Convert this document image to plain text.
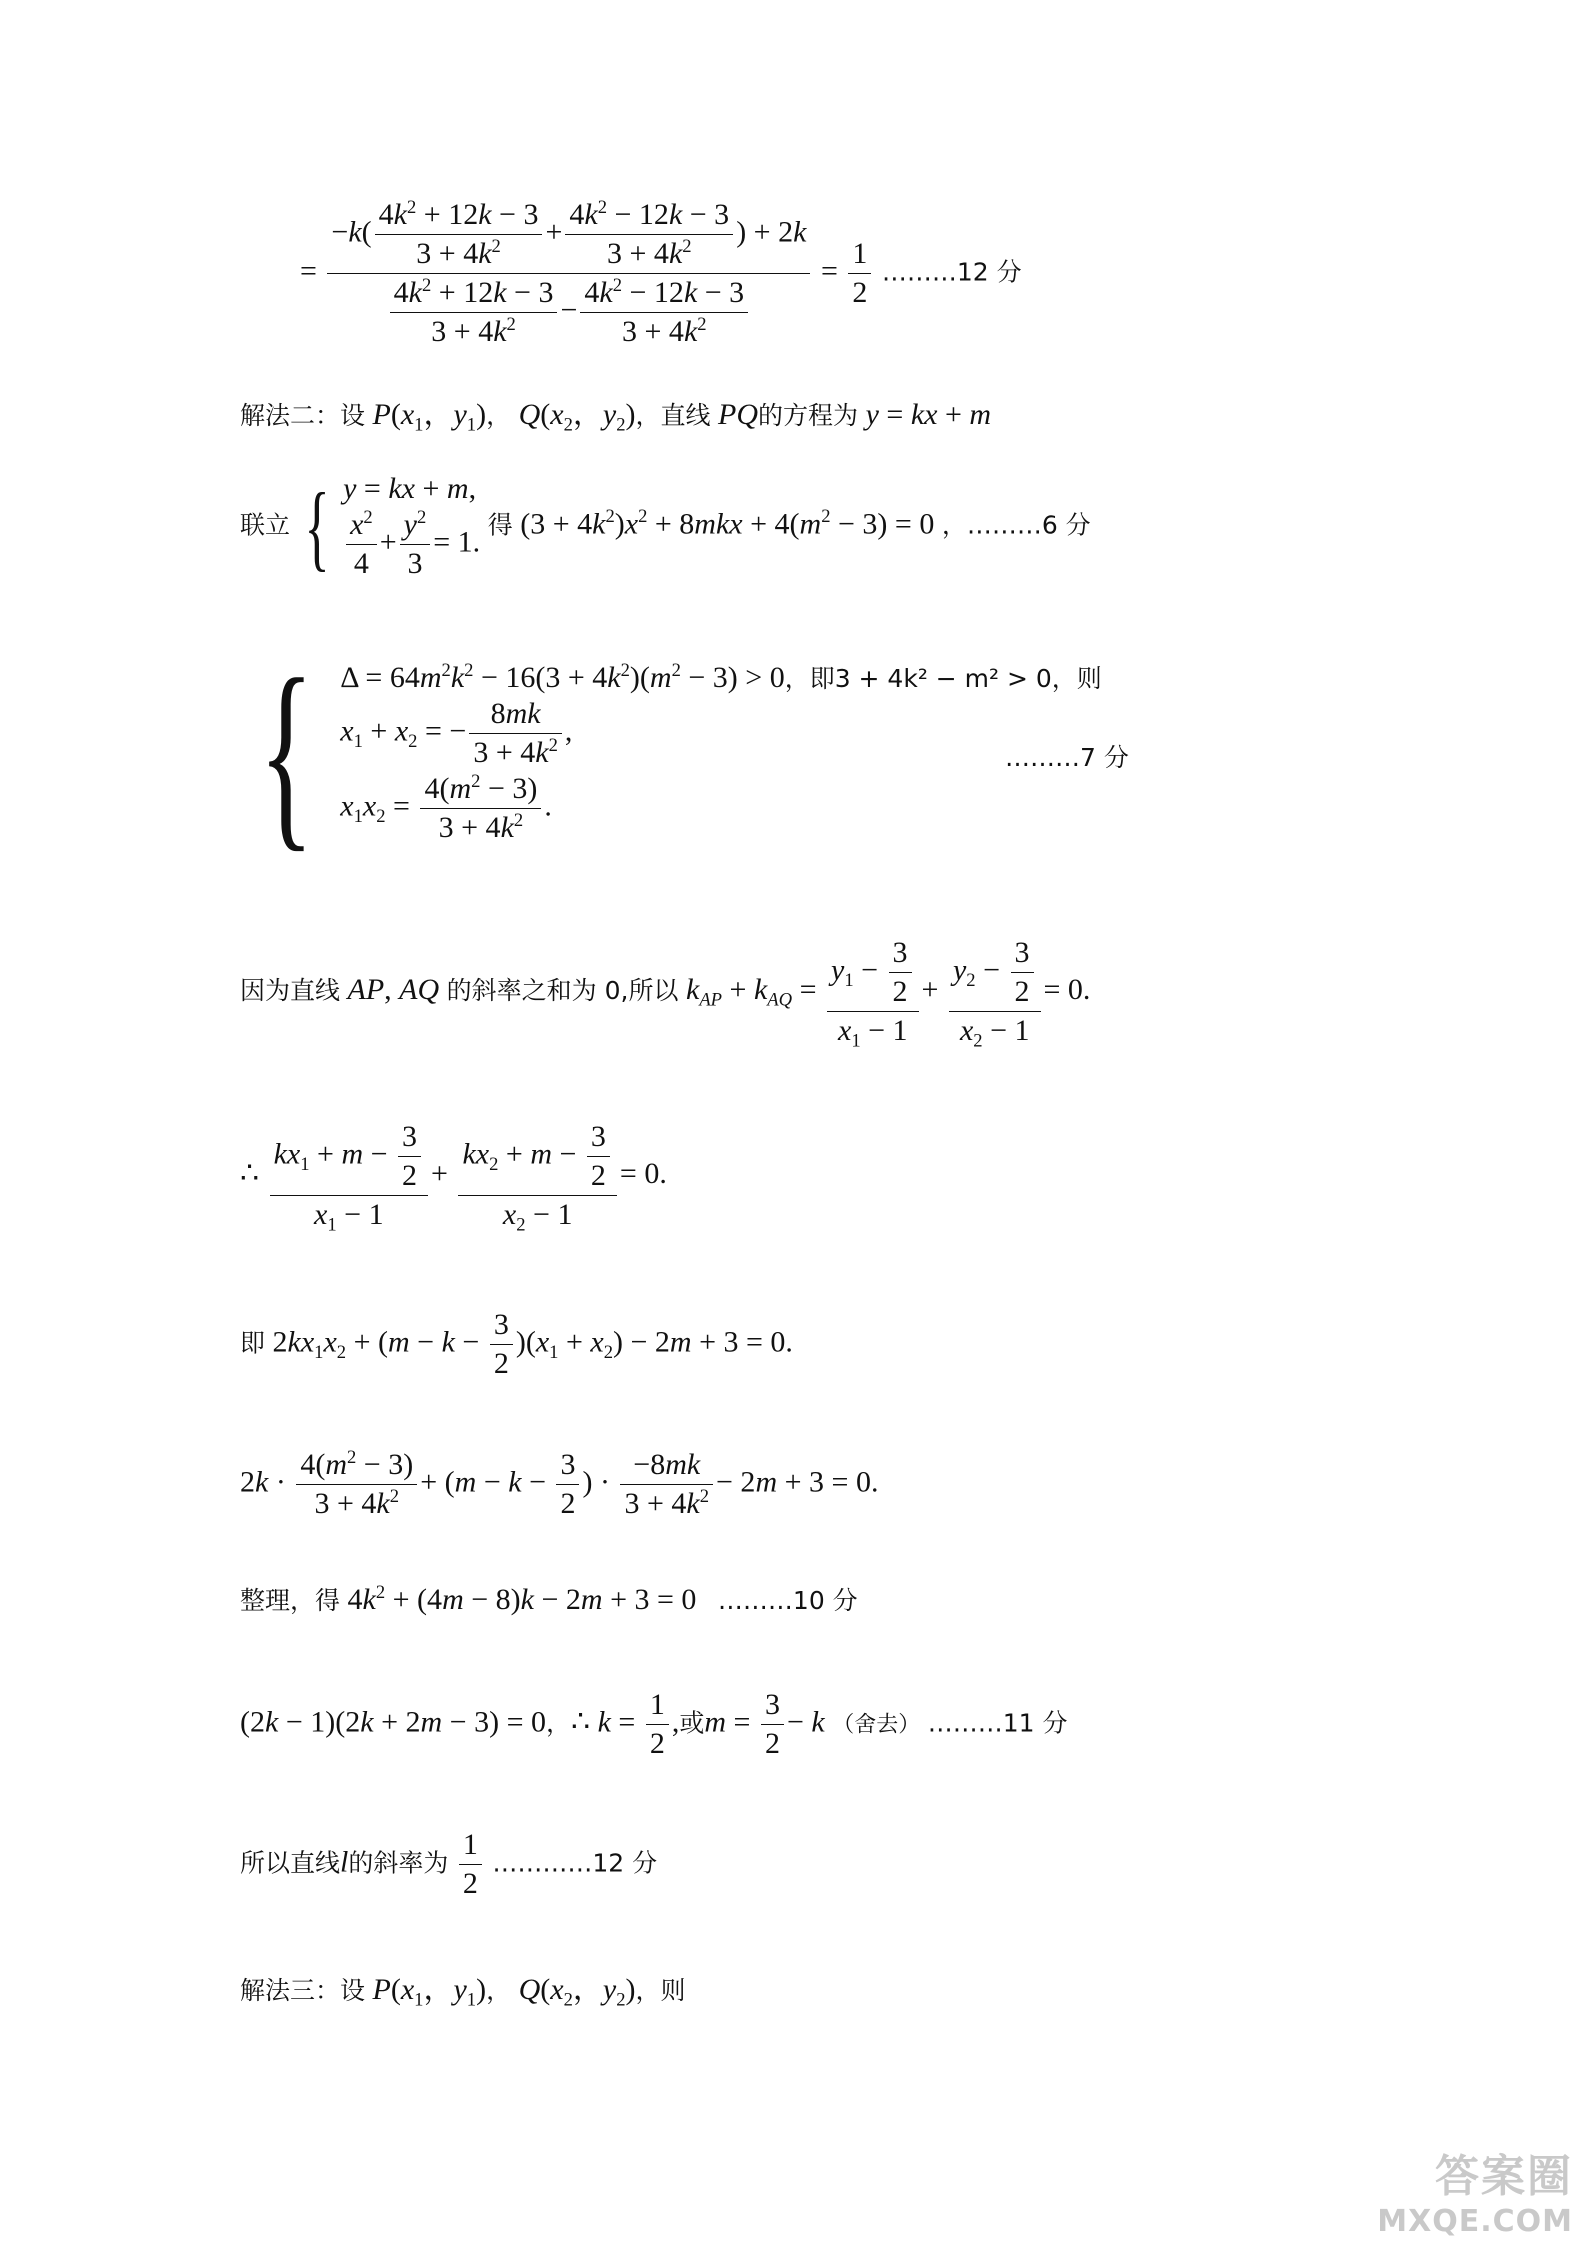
= $\frac{-k( \frac{4k^2 + 12k - 3}{3 + 4k^2} + \frac{4k^2 - 12k - 3}{3 + 4k^2} ) + 2k}{\frac{4k^2 + 12k - 3}{3 + 4k^2} - \frac{4k^2 - 12k - 3}{3 + 4k^2}} = \frac{1}{2}$ ………12 分
解法二：设 $P(x_1$，$y_1$)， $Q(x_2$，$y_2$)，直线 PQ的方程为 y = kx + m
联立 { y = kx + m,
$\frac{x^2}{4} + \frac{y^2}{3} = 1$.
得 $(3 + 4k^2)x^2 + 8mkx + 4(m^2 - 3) = 0$ ，………6 分
{ $\Delta = 64m^2k^2 - 16(3 + 4k^2)(m^2 - 3) > 0$，即3 + 4k² − m² > 0，则
$x_1 + x_2$ = − $\frac{8mk}{3 + 4k^2}$ ,
$x_1x_2 = \frac{4(m^2 - 3)}{3 + 4k^2}$ .
………7 分
因为直线 AP, AQ 的斜率之和为 0,所以 $k_{AP} + k_{AQ} = \frac{y_1 - \frac{3}{2}}{x_1 - 1} + \frac{y_2 - \frac{3}{2}}{x_2 - 1} = 0$.
∴ $\frac{kx_1 + m - \frac{3}{2}}{x_1 - 1} + \frac{kx_2 + m - \frac{3}{2}}{x_2 - 1} = 0$.
即 $2kx_1x_2 + (m - k - \frac{3}{2} )(x_1 + x_2) - 2m + 3 = 0$.
$2k \cdot \frac{4(m^2 - 3)}{3 + 4k^2} + (m - k - \frac{3}{2}$ ) · $\frac{-8mk}{3 + 4k^2} - 2m + 3 = 0$.
整理，得 $4k^2 + (4m - 8)k - 2m + 3 = 0$ ………10 分
(2k − 1)(2k + 2m − 3) = 0，∴ $k = \frac{1}{2}$ ,或$m = \frac{3}{2} - k$ （舍去） ………11 分
所以直线l的斜率为 $\frac{1}{2}$ …………12 分
解法三：设 $P(x_1$，$y_1$)， $Q(x_2$，$y_2$)，则
答案圈
MXQE.COM
